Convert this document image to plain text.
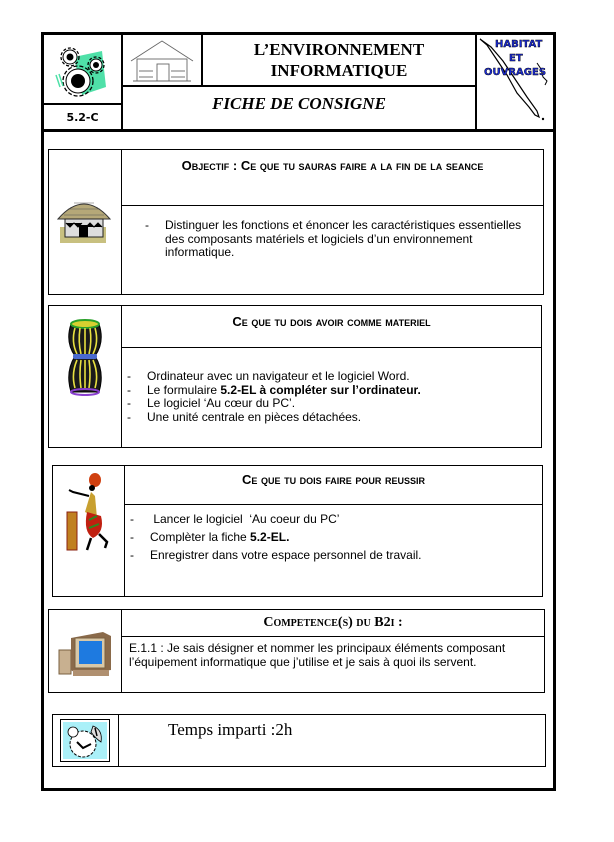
5.2-C
L’ENVIRONNEMENT
INFORMATIQUE
FICHE DE CONSIGNE
HABITAT
ET
OUVRAGES
Objectif : Ce que tu sauras faire a la fin de la seance
- Distinguer les fonctions et énoncer les caractéristiques essentielles des composants matériels et logiciels d’un environnement informatique.
Ce que tu dois avoir comme materiel
- Ordinateur avec un navigateur et le logiciel Word.
- Le formulaire 5.2-EL à compléter sur l’ordinateur.
- Le logiciel ‘Au cœur du PC’.
- Une unité centrale en pièces détachées.
Ce que tu dois faire pour reussir
-  Lancer le logiciel  ‘Au coeur du PC’
- Complèter la fiche 5.2-EL.
- Enregistrer dans votre espace personnel de travail.
Competence(s) du B2i :

E.1.1 : Je sais désigner et nommer les principaux éléments composant l’équipement informatique que j’utilise et je sais à quoi ils servent.

Temps imparti :2h
